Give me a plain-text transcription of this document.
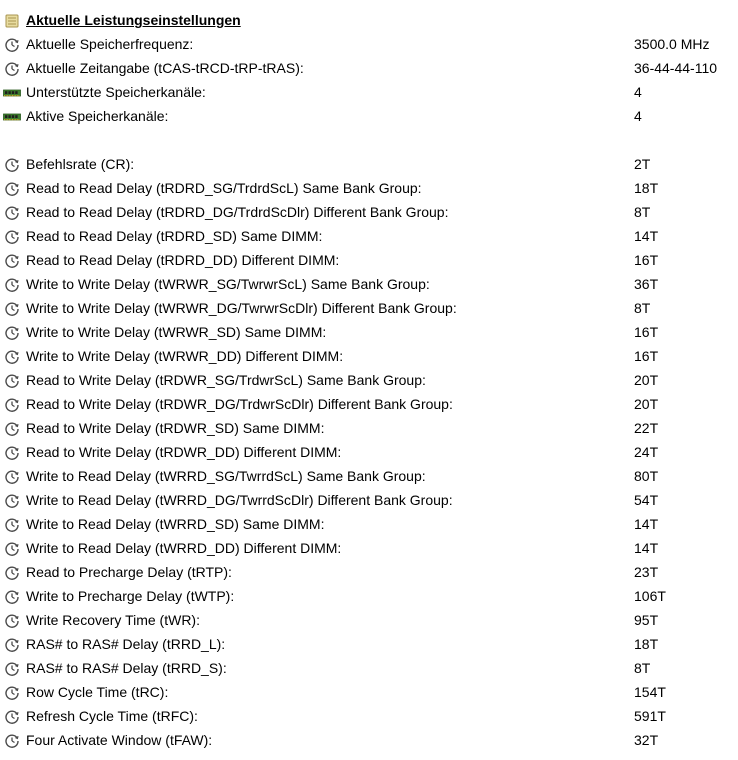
Aktuelle Leistungseinstellungen
Aktuelle Speicherfrequenz:	3500.0 MHz
Aktuelle Zeitangabe (tCAS-tRCD-tRP-tRAS):	36-44-44-110
Unterstützte Speicherkanäle:	4
Aktive Speicherkanäle:	4
Befehlsrate (CR):	2T
Read to Read Delay (tRDRD_SG/TrdrdScL) Same Bank Group:	18T
Read to Read Delay (tRDRD_DG/TrdrdScDlr) Different Bank Group:	8T
Read to Read Delay (tRDRD_SD) Same DIMM:	14T
Read to Read Delay (tRDRD_DD) Different DIMM:	16T
Write to Write Delay (tWRWR_SG/TwrwrScL) Same Bank Group:	36T
Write to Write Delay (tWRWR_DG/TwrwrScDlr) Different Bank Group:	8T
Write to Write Delay (tWRWR_SD) Same DIMM:	16T
Write to Write Delay (tWRWR_DD) Different DIMM:	16T
Read to Write Delay (tRDWR_SG/TrdwrScL) Same Bank Group:	20T
Read to Write Delay (tRDWR_DG/TrdwrScDlr) Different Bank Group:	20T
Read to Write Delay (tRDWR_SD) Same DIMM:	22T
Read to Write Delay (tRDWR_DD) Different DIMM:	24T
Write to Read Delay (tWRRD_SG/TwrrdScL) Same Bank Group:	80T
Write to Read Delay (tWRRD_DG/TwrrdScDlr) Different Bank Group:	54T
Write to Read Delay (tWRRD_SD) Same DIMM:	14T
Write to Read Delay (tWRRD_DD) Different DIMM:	14T
Read to Precharge Delay (tRTP):	23T
Write to Precharge Delay (tWTP):	106T
Write Recovery Time (tWR):	95T
RAS# to RAS# Delay (tRRD_L):	18T
RAS# to RAS# Delay (tRRD_S):	8T
Row Cycle Time (tRC):	154T
Refresh Cycle Time (tRFC):	591T
Four Activate Window (tFAW):	32T
